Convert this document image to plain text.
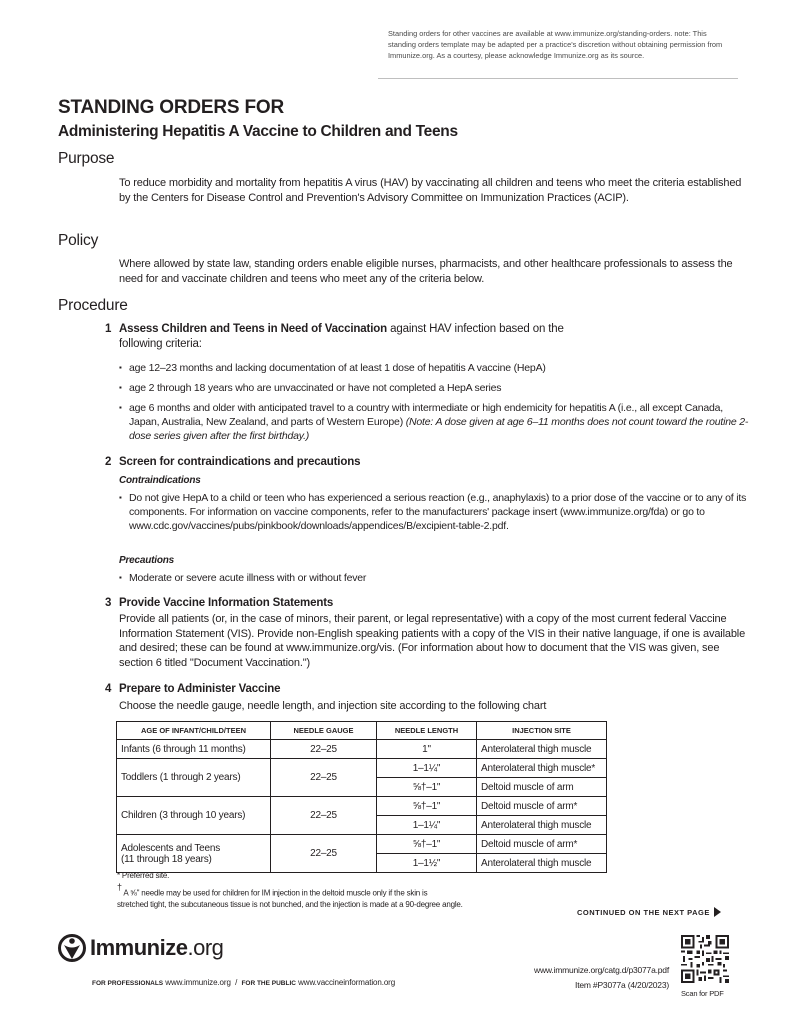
Standing orders for other vaccines are available at www.immunize.org/standing-orders. note: This standing orders template may be adapted per a practice's discretion without obtaining permission from Immunize.org. As a courtesy, please acknowledge Immunize.org as its source.
STANDING ORDERS FOR
Administering Hepatitis A Vaccine to Children and Teens
Purpose
To reduce morbidity and mortality from hepatitis A virus (HAV) by vaccinating all children and teens who meet the criteria established by the Centers for Disease Control and Prevention's Advisory Committee on Immunization Practices (ACIP).
Policy
Where allowed by state law, standing orders enable eligible nurses, pharmacists, and other healthcare professionals to assess the need for and vaccinate children and teens who meet any of the criteria below.
Procedure
1 Assess Children and Teens in Need of Vaccination against HAV infection based on the
following criteria:
▪ age 12–23 months and lacking documentation of at least 1 dose of hepatitis A vaccine (HepA)
▪ age 2 through 18 years who are unvaccinated or have not completed a HepA series
▪ age 6 months and older with anticipated travel to a country with intermediate or high endemicity for hepatitis A (i.e., all except Canada, Japan, Australia, New Zealand, and parts of Western Europe) (Note: A dose given at age 6–11 months does not count toward the routine 2-dose series given after the first birthday.)
2 Screen for contraindications and precautions
Contraindications
▪ Do not give HepA to a child or teen who has experienced a serious reaction (e.g., anaphylaxis) to a prior dose of the vaccine or to any of its components. For information on vaccine components, refer to the manufacturers' package insert (www.immunize.org/fda) or go to www.cdc.gov/vaccines/pubs/pinkbook/downloads/appendices/B/excipient-table-2.pdf.
Precautions
▪ Moderate or severe acute illness with or without fever
3 Provide Vaccine Information Statements
Provide all patients (or, in the case of minors, their parent, or legal representative) with a copy of the most current federal Vaccine Information Statement (VIS). Provide non-English speaking patients with a copy of the VIS in their native language, if one is available and desired; these can be found at www.immunize.org/vis. (For information about how to document that the VIS was given, see section 6 titled "Document Vaccination.")
4 Prepare to Administer Vaccine
Choose the needle gauge, needle length, and injection site according to the following chart
AGE OF INFANT/CHILD/TEEN	NEEDLE GAUGE	NEEDLE LENGTH	INJECTION SITE
Infants (6 through 11 months)	22–25	1"	Anterolateral thigh muscle
Toddlers (1 through 2 years)	22–25	1–1¼"	Anterolateral thigh muscle*
		⅝†–1"	Deltoid muscle of arm
Children (3 through 10 years)	22–25	⅝†–1"	Deltoid muscle of arm*
		1–1¼"	Anterolateral thigh muscle

Adolescents and Teens
(11 through 18 years)	22–25	⅝†–1"	Deltoid muscle of arm*
		1–1½"	Anterolateral thigh muscle
* Preferred site.
† A ⅝" needle may be used for children for IM injection in the deltoid muscle only if the skin is
stretched tight, the subcutaneous tissue is not bunched, and the injection is made at a 90-degree angle.
CONTINUED ON THE NEXT PAGE
Immunize.org
FOR PROFESSIONALS www.immunize.org / FOR THE PUBLIC www.vaccineinformation.org
www.immunize.org/catg.d/p3077a.pdf
Item #P3077a (4/20/2023)
Scan for PDF
